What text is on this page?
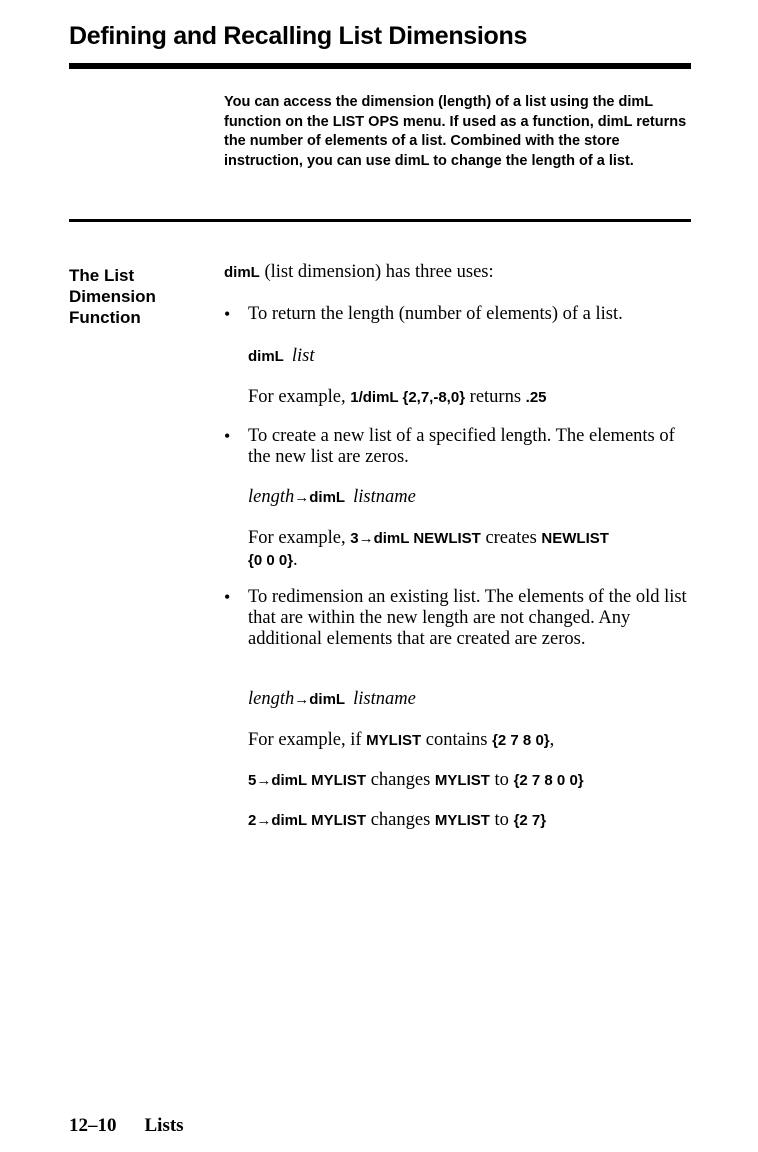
Defining and Recalling List Dimensions

You can access the dimension (length) of a list using the dimL function on the LIST OPS menu. If used as a function, dimL returns the number of elements of a list. Combined with the store instruction, you can use dimL to change the length of a list.

The List
Dimension
Function
dimL (list dimension) has three uses:
• To return the length (number of elements) of a list.
dimL list
For example, 1/dimL {2,7,-8,0} returns .25
• To create a new list of a specified length. The elements of the new list are zeros.
length→dimL listname
For example, 3→dimL NEWLIST creates NEWLIST
{0 0 0}.
• To redimension an existing list. The elements of the old list that are within the new length are not changed. Any additional elements that are created are zeros.
length→dimL listname
For example, if MYLIST contains {2 7 8 0},
5→dimL MYLIST changes MYLIST to {2 7 8 0 0}
2→dimL MYLIST changes MYLIST to {2 7}
12–10 Lists
